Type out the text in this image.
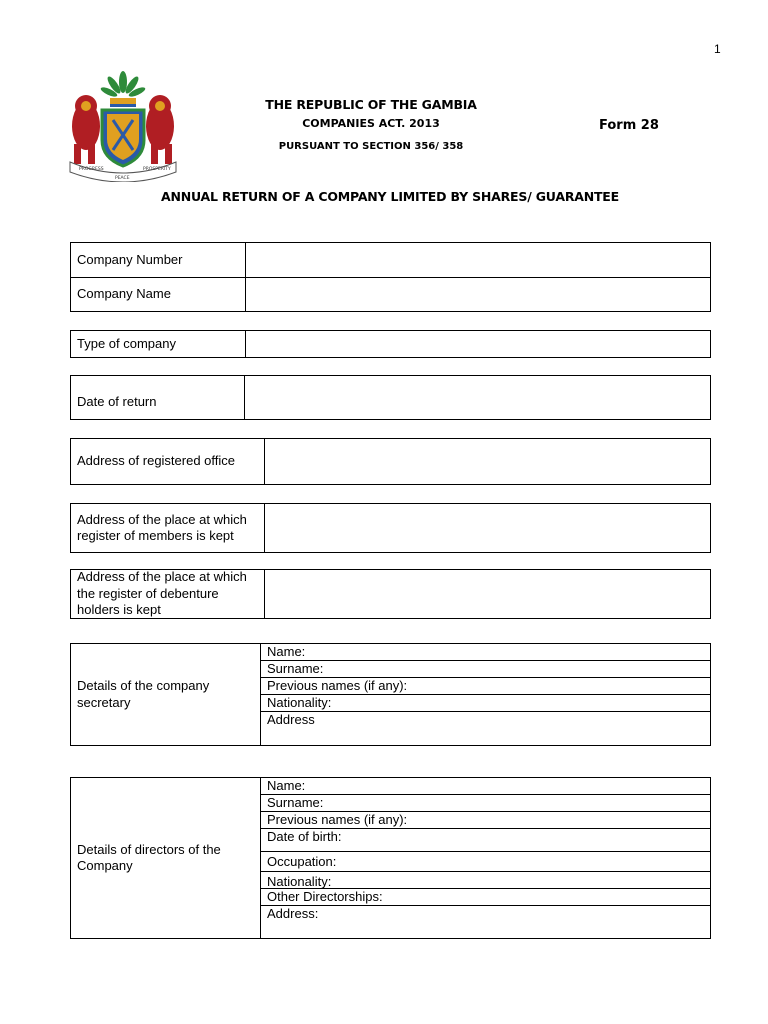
1
PROGRESS
PEACE
PROSPERITY
THE REPUBLIC OF THE GAMBIA
COMPANIES ACT. 2013
PURSUANT TO SECTION 356/ 358
Form 28
ANNUAL RETURN OF A COMPANY LIMITED BY SHARES/ GUARANTEE
Company Number
Company Name
Type of company
Date of return
Address of registered office
Address of the place at which register of members is kept
Address of the place at which the register of debenture holders is kept
Details of the company secretary
Name:
Surname:
Previous names (if any):
Nationality:
Address
Details of directors of the Company
Name:
Surname:
Previous names (if any):
Date of birth:
Occupation:
Nationality:
Other Directorships:
Address:
